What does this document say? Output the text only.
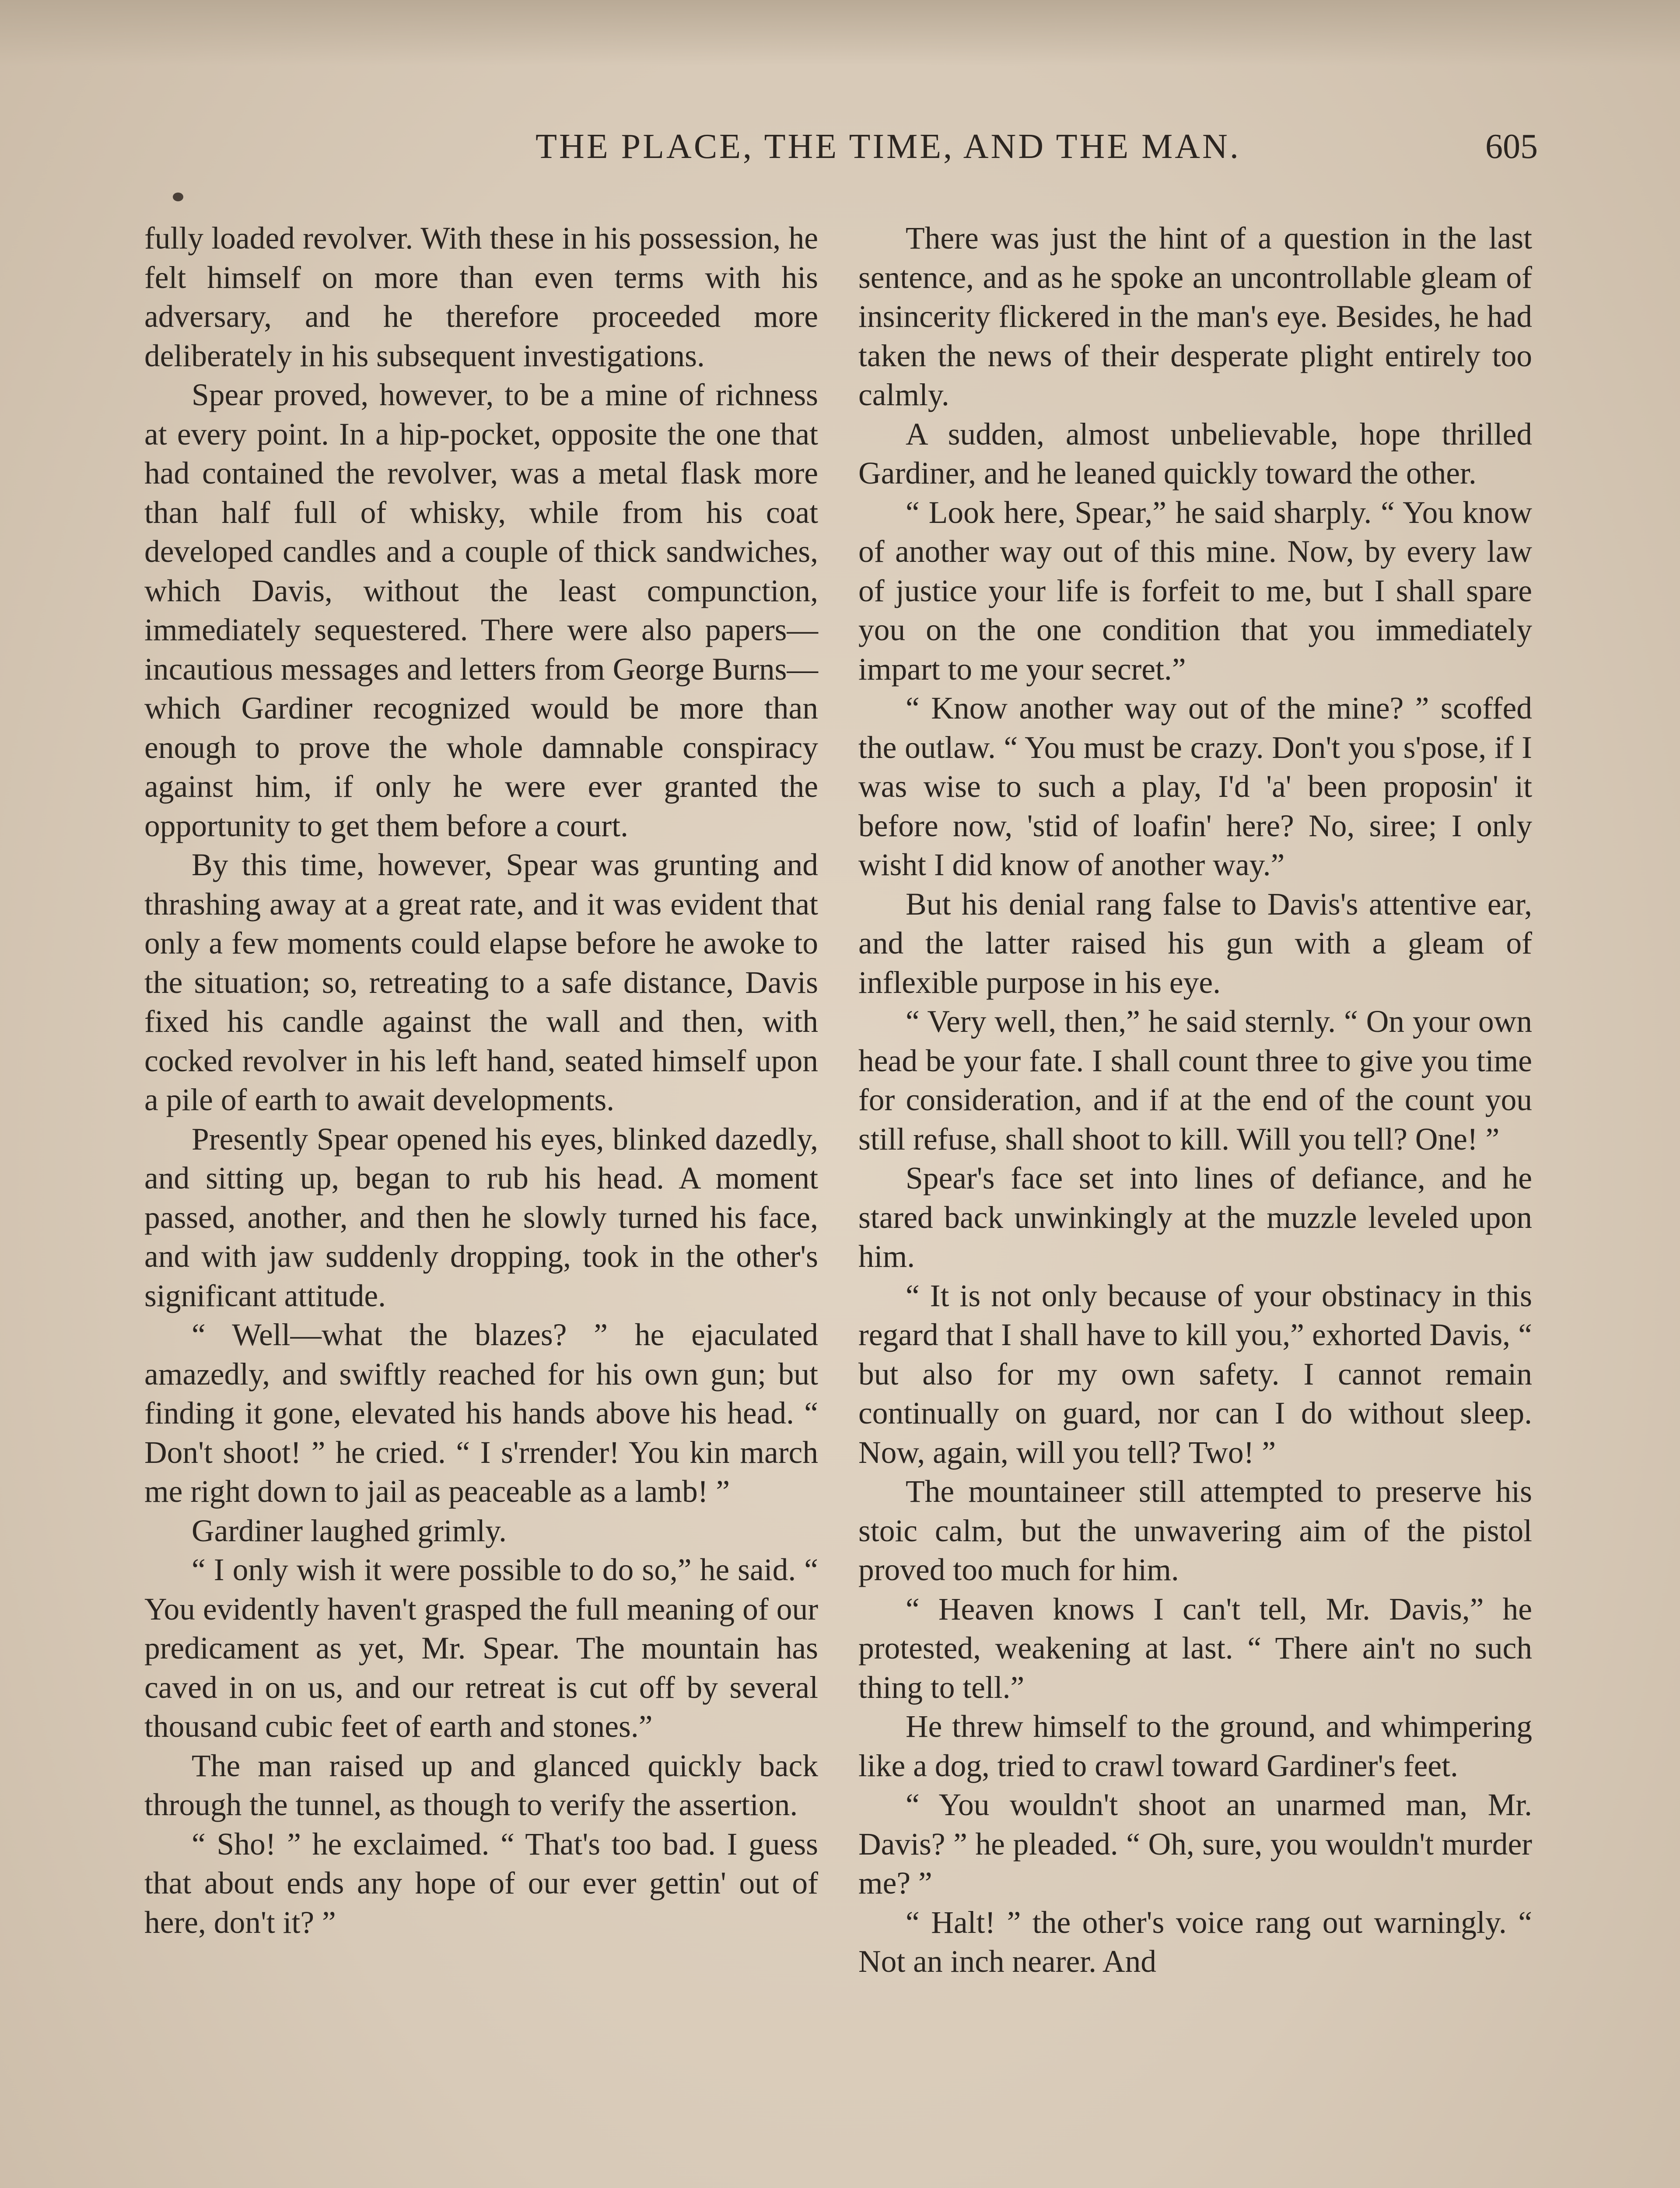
THE PLACE, THE TIME, AND THE MAN.	605

fully loaded revolver. With these in his possession, he felt himself on more than even terms with his adversary, and he therefore proceeded more deliberately in his subsequent investigations.

Spear proved, however, to be a mine of richness at every point. In a hip-pocket, opposite the one that had contained the revolver, was a metal flask more than half full of whisky, while from his coat developed candles and a couple of thick sandwiches, which Davis, without the least compunction, immediately sequestered. There were also papers—incautious messages and letters from George Burns—which Gardiner recognized would be more than enough to prove the whole damnable conspiracy against him, if only he were ever granted the opportunity to get them before a court.

By this time, however, Spear was grunting and thrashing away at a great rate, and it was evident that only a few moments could elapse before he awoke to the situation; so, retreating to a safe distance, Davis fixed his candle against the wall and then, with cocked revolver in his left hand, seated himself upon a pile of earth to await developments.

Presently Spear opened his eyes, blinked dazedly, and sitting up, began to rub his head. A moment passed, another, and then he slowly turned his face, and with jaw suddenly dropping, took in the other's significant attitude.

“ Well—what the blazes? ” he ejaculated amazedly, and swiftly reached for his own gun; but finding it gone, elevated his hands above his head. “ Don't shoot! ” he cried. “ I s'rrender! You kin march me right down to jail as peaceable as a lamb! ”

Gardiner laughed grimly.

“ I only wish it were possible to do so,” he said. “ You evidently haven't grasped the full meaning of our predicament as yet, Mr. Spear. The mountain has caved in on us, and our retreat is cut off by several thousand cubic feet of earth and stones.”

The man raised up and glanced quickly back through the tunnel, as though to verify the assertion.

“ Sho! ” he exclaimed. “ That's too bad. I guess that about ends any hope of our ever gettin' out of here, don't it? ”

There was just the hint of a question in the last sentence, and as he spoke an uncontrollable gleam of insincerity flickered in the man's eye. Besides, he had taken the news of their desperate plight entirely too calmly.

A sudden, almost unbelievable, hope thrilled Gardiner, and he leaned quickly toward the other.

“ Look here, Spear,” he said sharply. “ You know of another way out of this mine. Now, by every law of justice your life is forfeit to me, but I shall spare you on the one condition that you immediately impart to me your secret.”

“ Know another way out of the mine? ” scoffed the outlaw. “ You must be crazy. Don't you s'pose, if I was wise to such a play, I'd 'a' been proposin' it before now, 'stid of loafin' here? No, siree; I only wisht I did know of another way.”

But his denial rang false to Davis's attentive ear, and the latter raised his gun with a gleam of inflexible purpose in his eye.

“ Very well, then,” he said sternly. “ On your own head be your fate. I shall count three to give you time for consideration, and if at the end of the count you still refuse, shall shoot to kill. Will you tell? One! ”

Spear's face set into lines of defiance, and he stared back unwinkingly at the muzzle leveled upon him.

“ It is not only because of your obstinacy in this regard that I shall have to kill you,” exhorted Davis, “ but also for my own safety. I cannot remain continually on guard, nor can I do without sleep. Now, again, will you tell? Two! ”

The mountaineer still attempted to preserve his stoic calm, but the unwavering aim of the pistol proved too much for him.

“ Heaven knows I can't tell, Mr. Davis,” he protested, weakening at last. “ There ain't no such thing to tell.”

He threw himself to the ground, and whimpering like a dog, tried to crawl toward Gardiner's feet.

“ You wouldn't shoot an unarmed man, Mr. Davis? ” he pleaded. “ Oh, sure, you wouldn't murder me? ”

“ Halt! ” the other's voice rang out warningly. “ Not an inch nearer. And
